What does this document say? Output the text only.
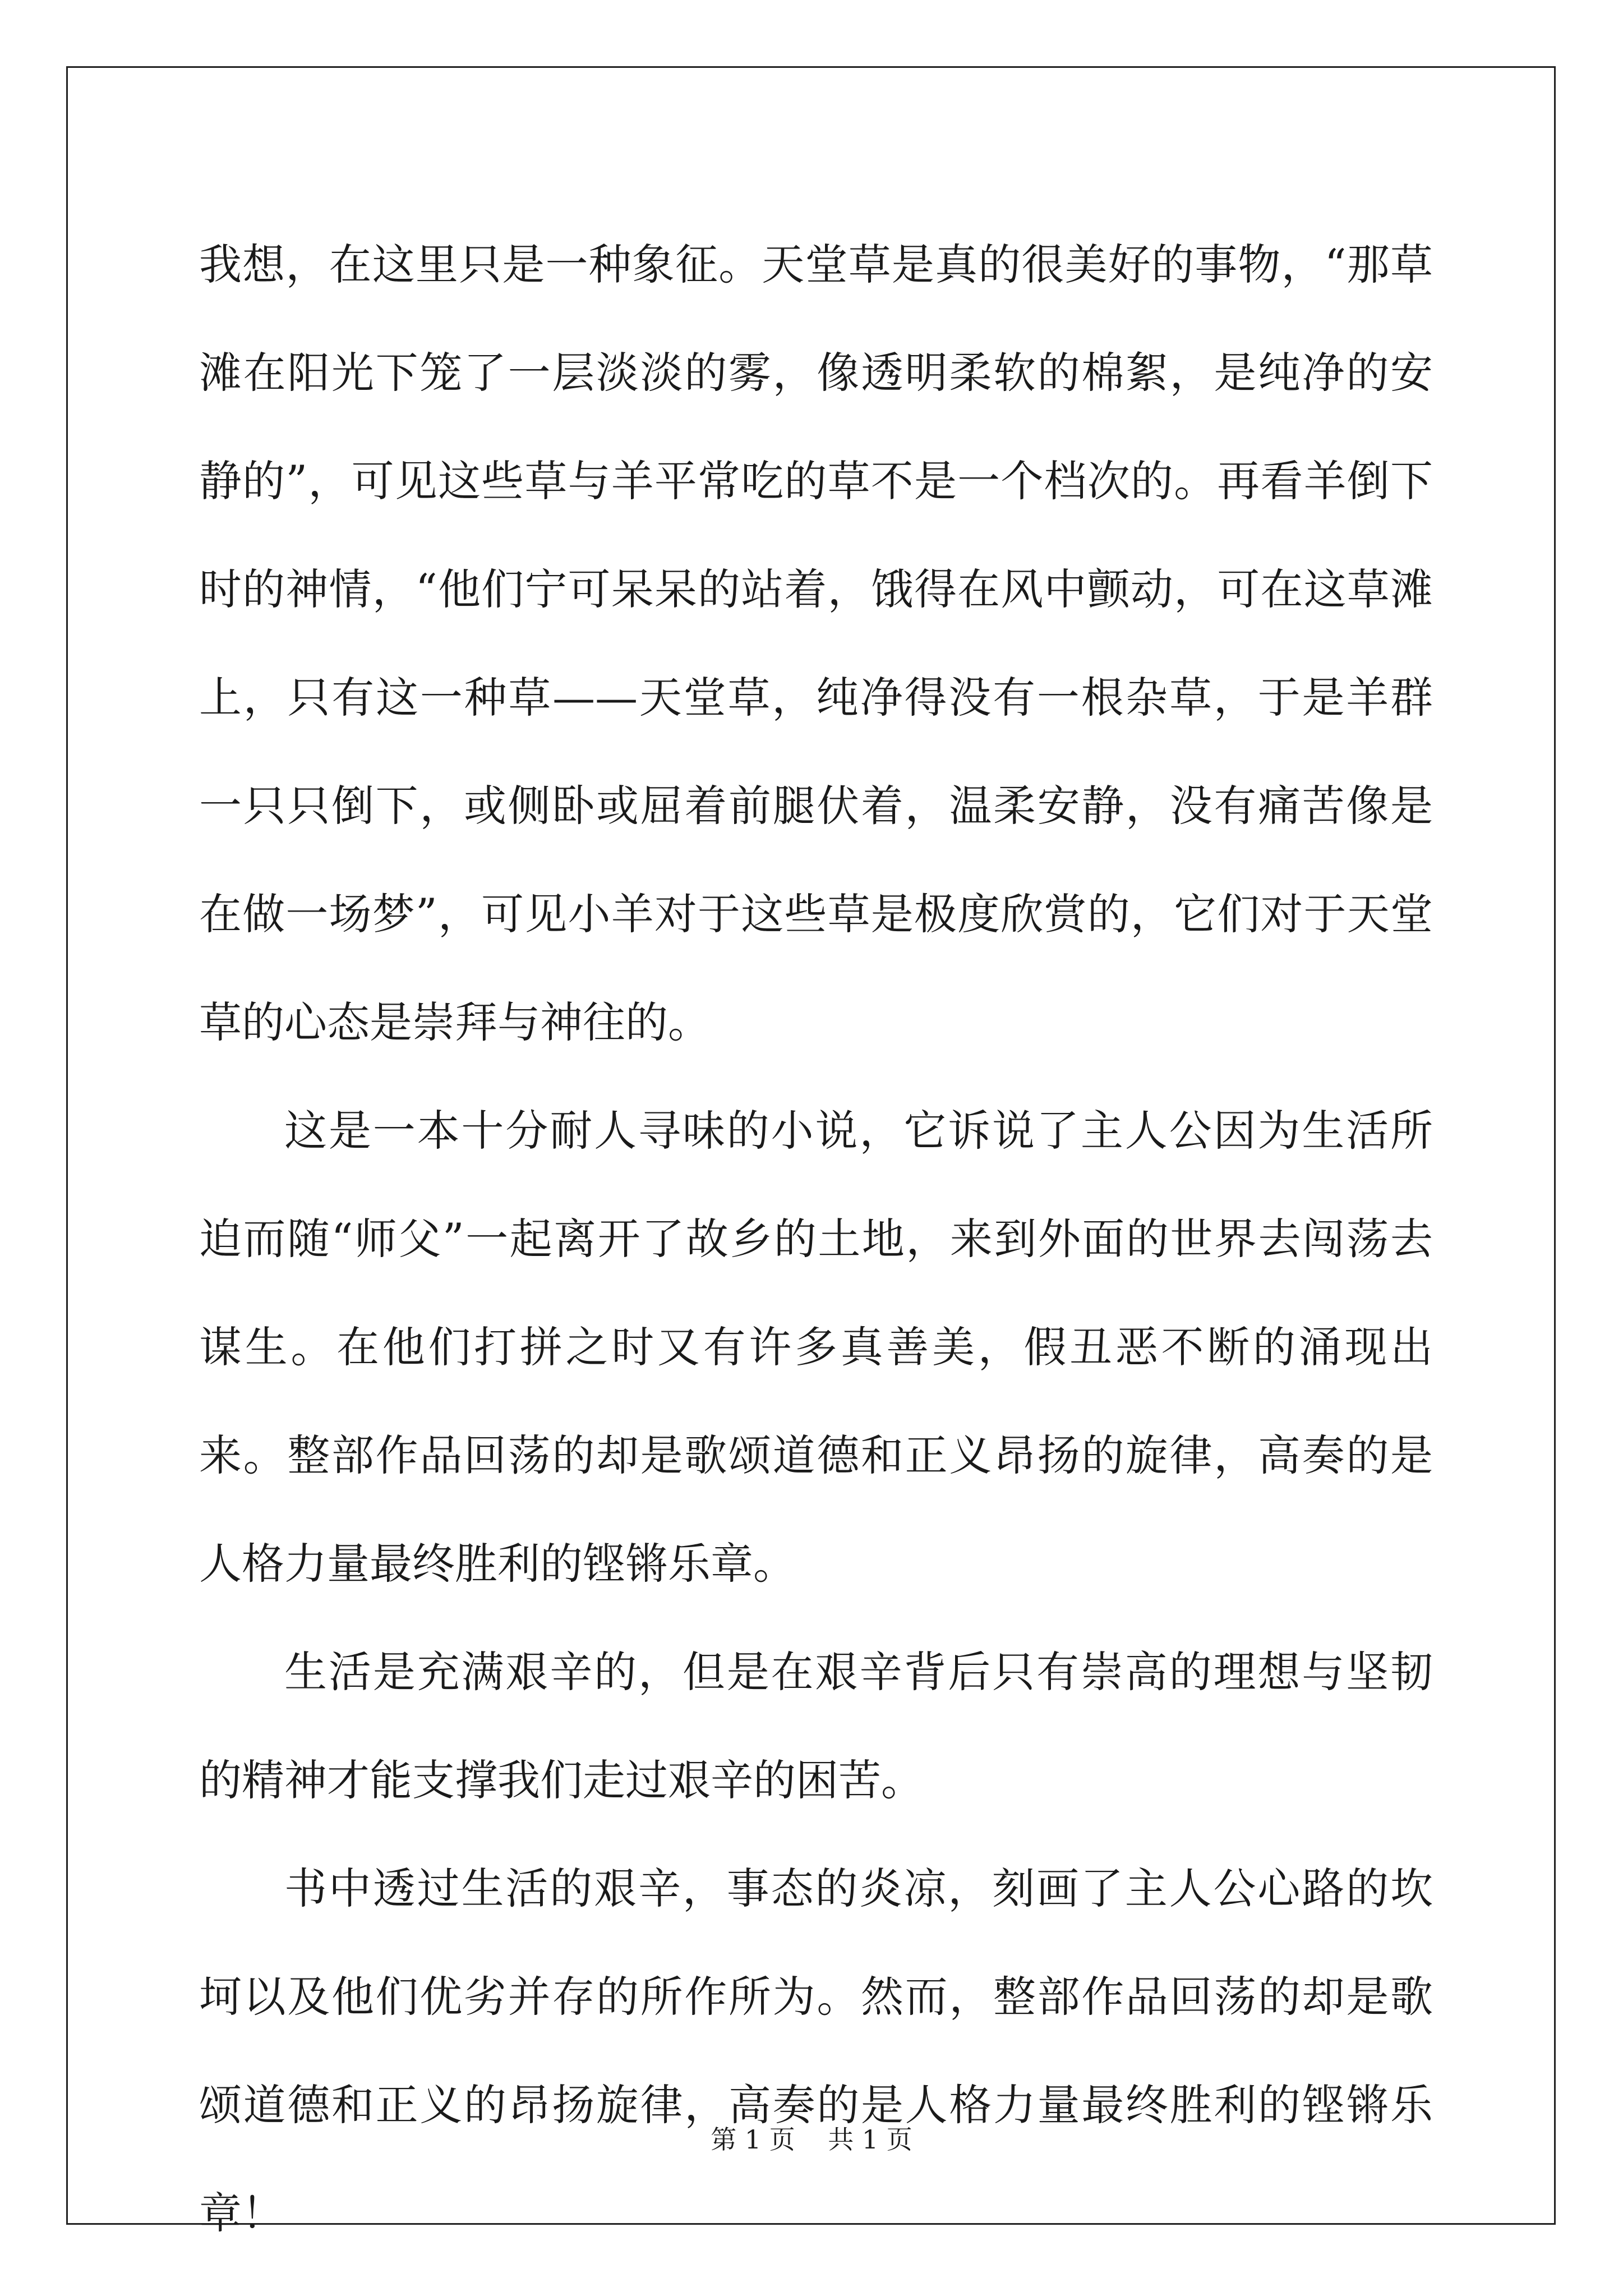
我想，在这里只是一种象征。天堂草是真的很美好的事物，“那草滩在阳光下笼了一层淡淡的雾，像透明柔软的棉絮，是纯净的安静的”，可见这些草与羊平常吃的草不是一个档次的。再看羊倒下时的神情，“他们宁可呆呆的站着，饿得在风中颤动，可在这草滩上，只有这一种草——天堂草，纯净得没有一根杂草，于是羊群一只只倒下，或侧卧或屈着前腿伏着，温柔安静，没有痛苦像是在做一场梦”，可见小羊对于这些草是极度欣赏的，它们对于天堂草的心态是崇拜与神往的。

这是一本十分耐人寻味的小说，它诉说了主人公因为生活所迫而随“师父”一起离开了故乡的土地，来到外面的世界去闯荡去谋生。在他们打拼之时又有许多真善美，假丑恶不断的涌现出来。整部作品回荡的却是歌颂道德和正义昂扬的旋律，高奏的是人格力量最终胜利的铿锵乐章。

生活是充满艰辛的，但是在艰辛背后只有崇高的理想与坚韧的精神才能支撑我们走过艰辛的困苦。

书中透过生活的艰辛，事态的炎凉，刻画了主人公心路的坎坷以及他们优劣并存的所作所为。然而，整部作品回荡的却是歌颂道德和正义的昂扬旋律，高奏的是人格力量最终胜利的铿锵乐章！

第 1 页    共 1 页
